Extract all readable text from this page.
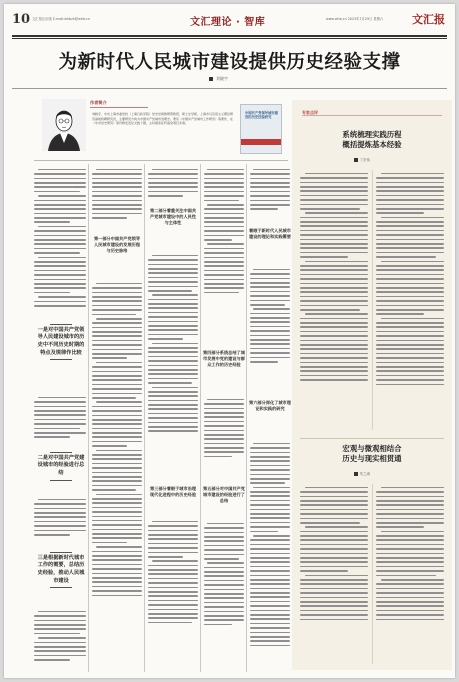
10 文汇报社出版 E-mail:whbzk@whb.cn	文汇理论 · 智库	www.whb.cn 2023年7月29日 星期六	文汇报
为新时代人民城市建设提供历史经验支撑
刘晓宇
作者简介
刘晓宇，中共上海市委党校（上海行政学院）党史党建教研部教授，硕士生导师，上海市马克思主义理论研究基地特聘研究员，主要研究方向为中国共产党城市治理史。著有《中国共产党城市工作研究》等著作，在《中共党史研究》等刊物发表论文数十篇，主持国家社科基金项目多项。
中国共产党领导城市建设的历史经验研究
一是对中国共产党领导人民建设城市的历史中不同历史时期的特点及规律作比较
二是对中国共产党建设城市的经验进行总结
三是根据新时代城市工作的需要，总结历史经验，推动人民城市建设
第一部分中国共产党领导人民城市建设的发展历程与历史脉络
第二部分着重关注中国共产党城市建设中的人民性与主体性
第三部分着眼于城市治理现代化进程中的历史经验
第四部分系统总结了城市发展中党的建设与群众工作的历史经验
第五部分对中国共产党城市建设的经验进行了总结
着眼于新时代人民城市建设的理论和实践需要
第六部分深化了城市理论和实践的研究
专家点评
系统梳理实践历程
概括提炼基本经验
丁宏伟
宏观与微观相结合
历史与现实相贯通
朱之涛
